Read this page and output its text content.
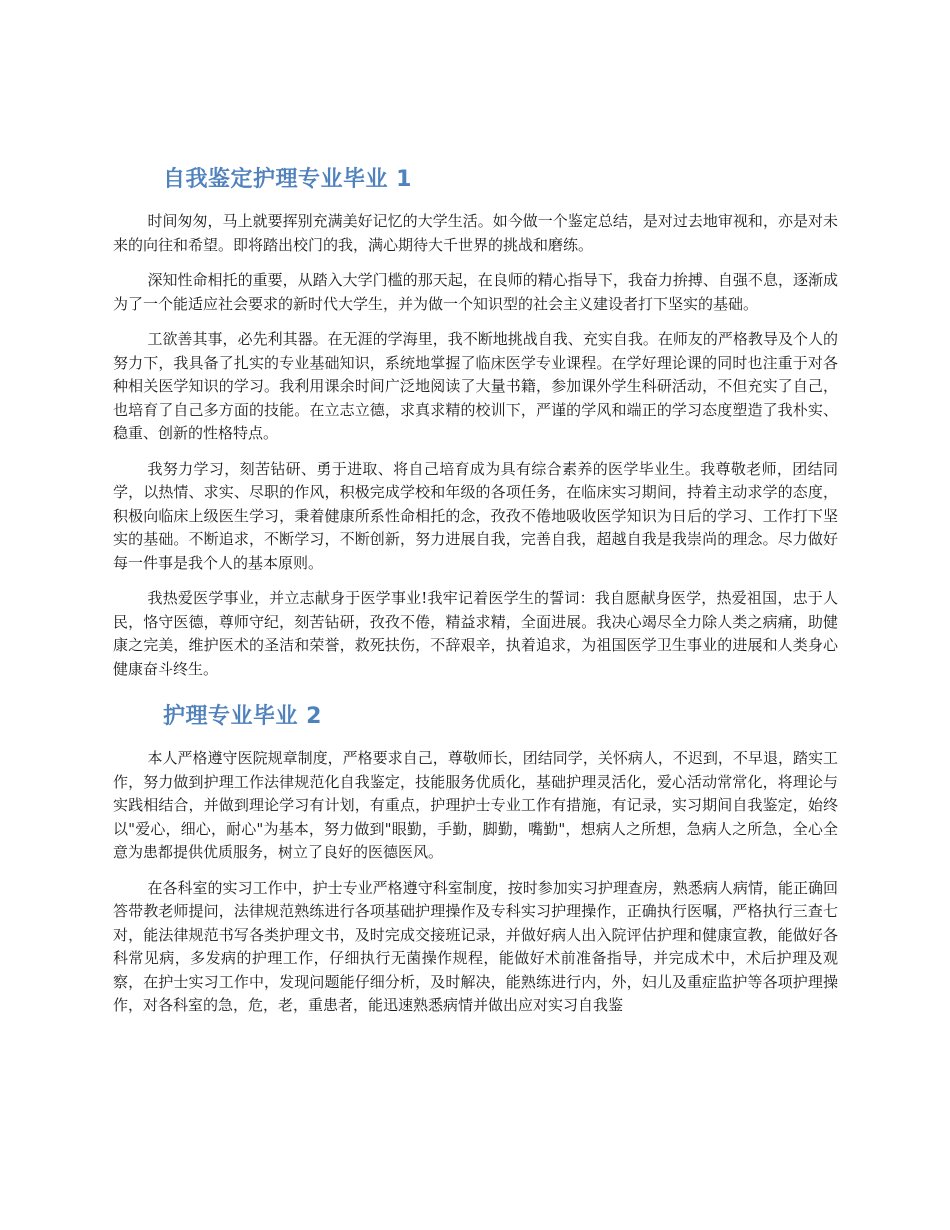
自我鉴定护理专业毕业 1

时间匆匆，马上就要挥别充满美好记忆的大学生活。如今做一个鉴定总结，是对过去地审视和，亦是对未来的向往和希望。即将踏出校门的我，满心期待大千世界的挑战和磨练。

深知性命相托的重要，从踏入大学门槛的那天起，在良师的精心指导下，我奋力拚搏、自强不息，逐渐成为了一个能适应社会要求的新时代大学生，并为做一个知识型的社会主义建设者打下坚实的基础。

工欲善其事，必先利其器。在无涯的学海里，我不断地挑战自我、充实自我。在师友的严格教导及个人的努力下，我具备了扎实的专业基础知识，系统地掌握了临床医学专业课程。在学好理论课的同时也注重于对各种相关医学知识的学习。我利用课余时间广泛地阅读了大量书籍，参加课外学生科研活动，不但充实了自己，也培育了自己多方面的技能。在立志立德，求真求精的校训下，严谨的学风和端正的学习态度塑造了我朴实、稳重、创新的性格特点。

我努力学习，刻苦钻研、勇于进取、将自己培育成为具有综合素养的医学毕业生。我尊敬老师，团结同学，以热情、求实、尽职的作风，积极完成学校和年级的各项任务，在临床实习期间，持着主动求学的态度，积极向临床上级医生学习，秉着健康所系性命相托的念，孜孜不倦地吸收医学知识为日后的学习、工作打下坚实的基础。不断追求，不断学习，不断创新，努力进展自我，完善自我，超越自我是我崇尚的理念。尽力做好每一件事是我个人的基本原则。

我热爱医学事业，并立志献身于医学事业!我牢记着医学生的誓词：我自愿献身医学，热爱祖国，忠于人民，恪守医德，尊师守纪，刻苦钻研，孜孜不倦，精益求精，全面进展。我决心竭尽全力除人类之病痛，助健康之完美，维护医术的圣洁和荣誉，救死扶伤，不辞艰辛，执着追求，为祖国医学卫生事业的进展和人类身心健康奋斗终生。

护理专业毕业 2

本人严格遵守医院规章制度，严格要求自己，尊敬师长，团结同学，关怀病人，不迟到，不早退，踏实工作，努力做到护理工作法律规范化自我鉴定，技能服务优质化，基础护理灵活化，爱心活动常常化，将理论与实践相结合，并做到理论学习有计划，有重点，护理护士专业工作有措施，有记录，实习期间自我鉴定，始终以"爱心，细心，耐心"为基本，努力做到"眼勤，手勤，脚勤，嘴勤"，想病人之所想，急病人之所急，全心全意为患都提供优质服务，树立了良好的医德医风。

在各科室的实习工作中，护士专业严格遵守科室制度，按时参加实习护理查房，熟悉病人病情，能正确回答带教老师提问，法律规范熟练进行各项基础护理操作及专科实习护理操作，正确执行医嘱，严格执行三查七对，能法律规范书写各类护理文书，及时完成交接班记录，并做好病人出入院评估护理和健康宣教，能做好各科常见病，多发病的护理工作，仔细执行无菌操作规程，能做好术前准备指导，并完成术中，术后护理及观察，在护士实习工作中，发现问题能仔细分析，及时解决，能熟练进行内，外，妇儿及重症监护等各项护理操作，对各科室的急，危，老，重患者，能迅速熟悉病情并做出应对实习自我鉴
